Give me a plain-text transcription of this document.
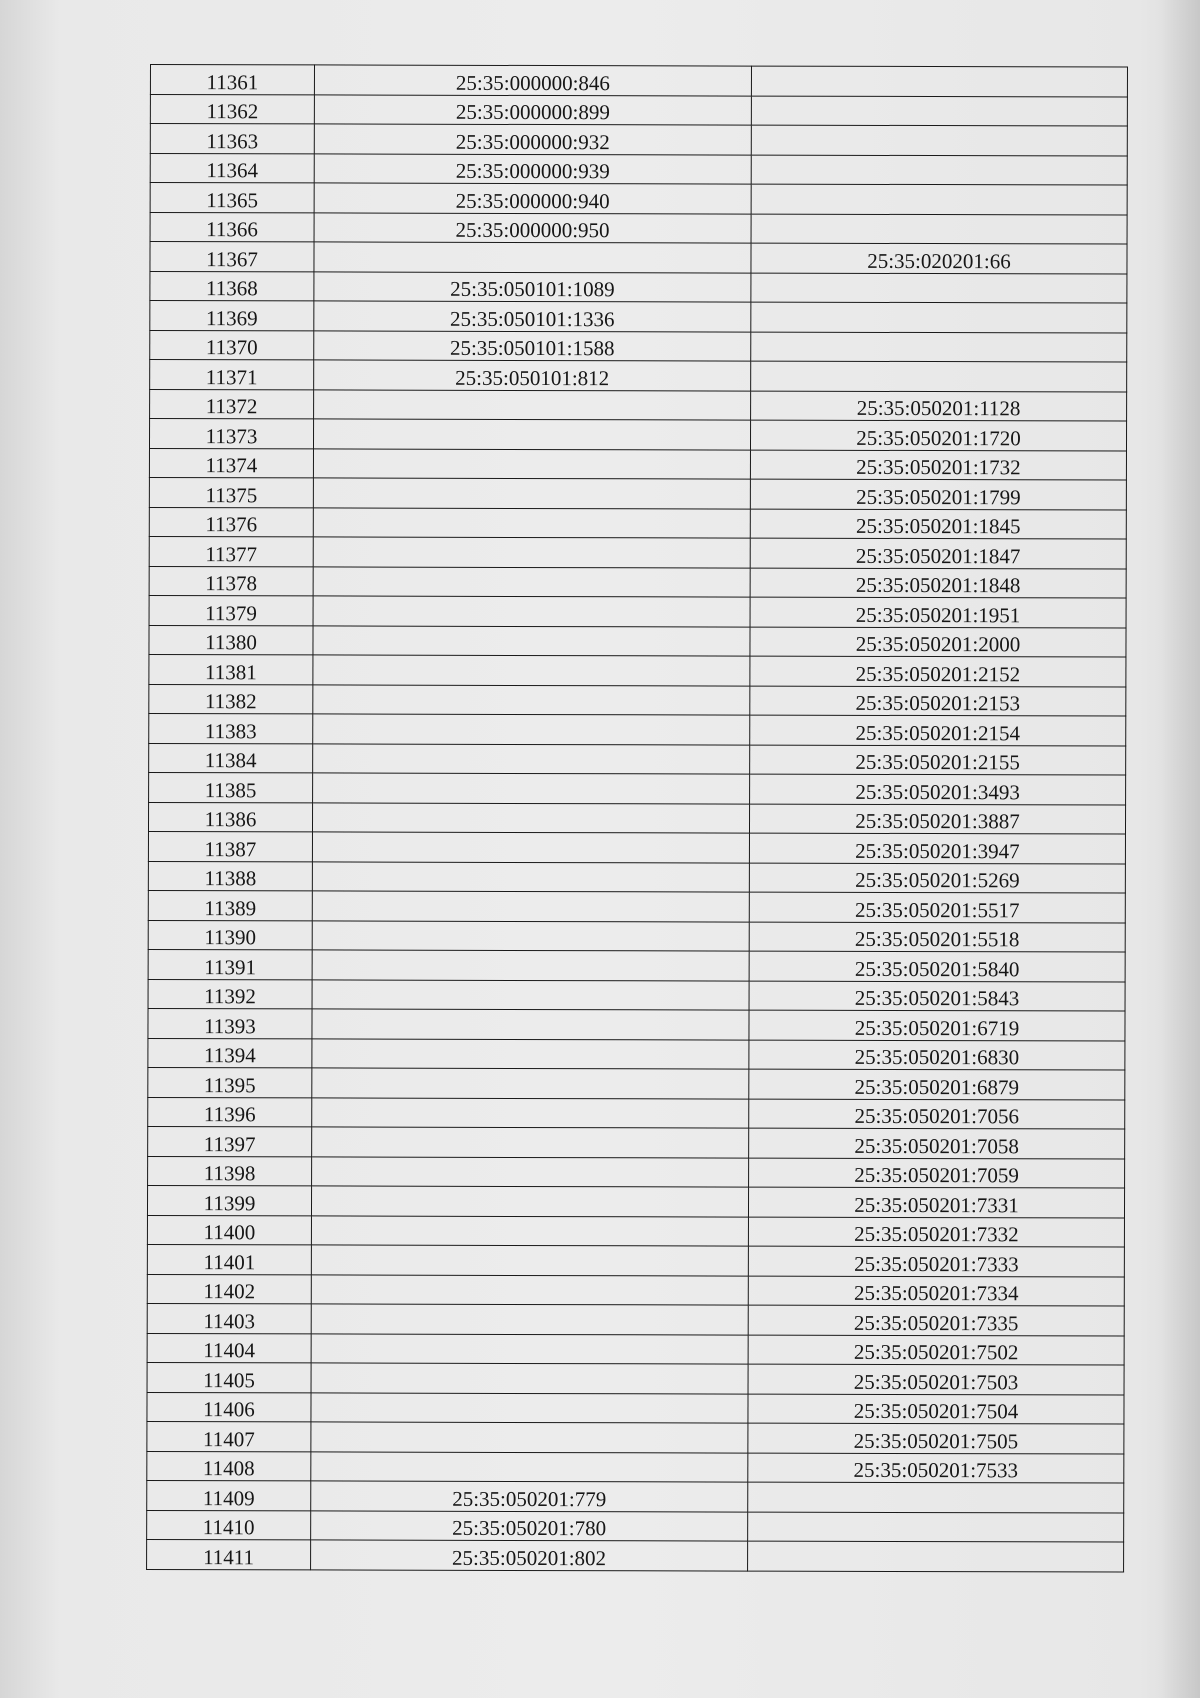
11361	25:35:000000:846	
11362	25:35:000000:899	
11363	25:35:000000:932	
11364	25:35:000000:939	
11365	25:35:000000:940	
11366	25:35:000000:950	
11367		25:35:020201:66
11368	25:35:050101:1089	
11369	25:35:050101:1336	
11370	25:35:050101:1588	
11371	25:35:050101:812	
11372		25:35:050201:1128
11373		25:35:050201:1720
11374		25:35:050201:1732
11375		25:35:050201:1799
11376		25:35:050201:1845
11377		25:35:050201:1847
11378		25:35:050201:1848
11379		25:35:050201:1951
11380		25:35:050201:2000
11381		25:35:050201:2152
11382		25:35:050201:2153
11383		25:35:050201:2154
11384		25:35:050201:2155
11385		25:35:050201:3493
11386		25:35:050201:3887
11387		25:35:050201:3947
11388		25:35:050201:5269
11389		25:35:050201:5517
11390		25:35:050201:5518
11391		25:35:050201:5840
11392		25:35:050201:5843
11393		25:35:050201:6719
11394		25:35:050201:6830
11395		25:35:050201:6879
11396		25:35:050201:7056
11397		25:35:050201:7058
11398		25:35:050201:7059
11399		25:35:050201:7331
11400		25:35:050201:7332
11401		25:35:050201:7333
11402		25:35:050201:7334
11403		25:35:050201:7335
11404		25:35:050201:7502
11405		25:35:050201:7503
11406		25:35:050201:7504
11407		25:35:050201:7505
11408		25:35:050201:7533
11409	25:35:050201:779	
11410	25:35:050201:780	
11411	25:35:050201:802	
